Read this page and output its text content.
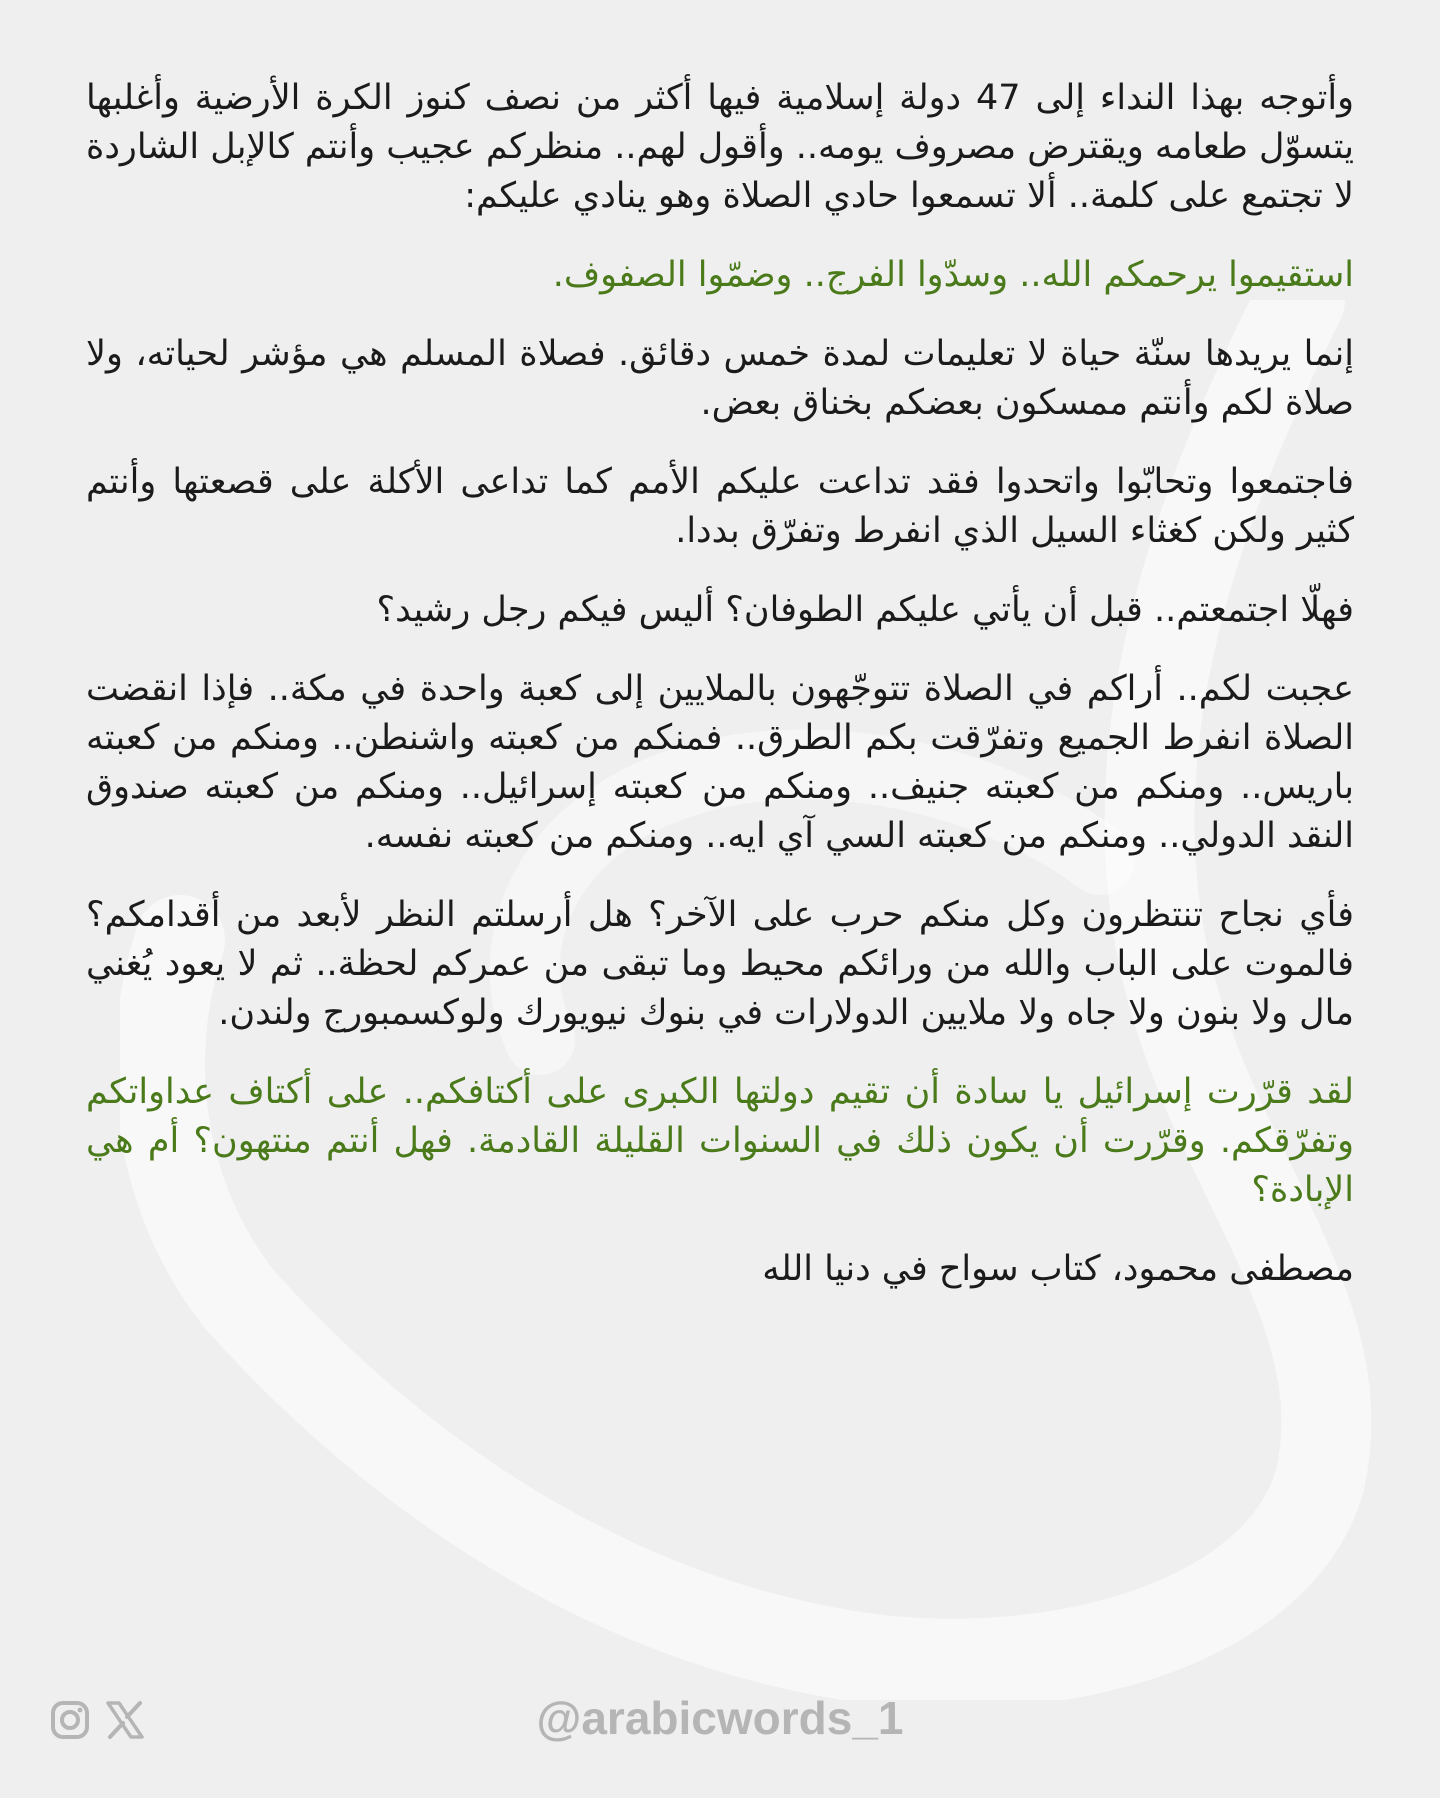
وأتوجه بهذا النداء إلى 47 دولة إسلامية فيها أكثر من نصف كنوز الكرة الأرضية وأغلبها يتسوّل طعامه ويقترض مصروف يومه.. وأقول لهم.. منظركم عجيب وأنتم كالإبل الشاردة لا تجتمع على كلمة.. ألا تسمعوا حادي الصلاة وهو ينادي عليكم:

استقيموا يرحمكم الله.. وسدّوا الفرج.. وضمّوا الصفوف.

إنما يريدها سنّة حياة لا تعليمات لمدة خمس دقائق. فصلاة المسلم هي مؤشر لحياته، ولا صلاة لكم وأنتم ممسكون بعضكم بخناق بعض.

فاجتمعوا وتحابّوا واتحدوا فقد تداعت عليكم الأمم كما تداعى الأكلة على قصعتها وأنتم كثير ولكن كغثاء السيل الذي انفرط وتفرّق بددا.

فهلّا اجتمعتم.. قبل أن يأتي عليكم الطوفان؟ أليس فيكم رجل رشيد؟

عجبت لكم.. أراكم في الصلاة تتوجّهون بالملايين إلى كعبة واحدة في مكة.. فإذا انقضت الصلاة انفرط الجميع وتفرّقت بكم الطرق.. فمنكم من كعبته واشنطن.. ومنكم من كعبته باريس.. ومنكم من كعبته جنيف.. ومنكم من كعبته إسرائيل.. ومنكم من كعبته صندوق النقد الدولي.. ومنكم من كعبته السي آي ايه.. ومنكم من كعبته نفسه.

فأي نجاح تنتظرون وكل منكم حرب على الآخر؟ هل أرسلتم النظر لأبعد من أقدامكم؟ فالموت على الباب والله من ورائكم محيط وما تبقى من عمركم لحظة.. ثم لا يعود يُغني مال ولا بنون ولا جاه ولا ملايين الدولارات في بنوك نيويورك ولوكسمبورج ولندن.

لقد قرّرت إسرائيل يا سادة أن تقيم دولتها الكبرى على أكتافكم.. على أكتاف عداواتكم وتفرّقكم. وقرّرت أن يكون ذلك في السنوات القليلة القادمة. فهل أنتم منتهون؟ أم هي الإبادة؟

مصطفى محمود، كتاب سواح في دنيا الله

@arabicwords_1
